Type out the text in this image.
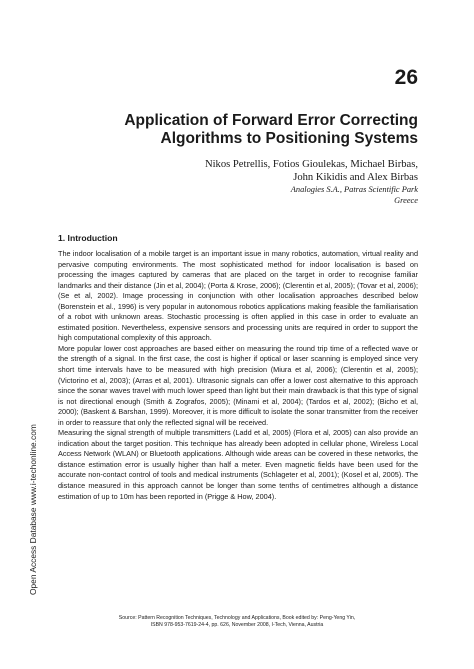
26
Application of Forward Error Correcting
Algorithms to Positioning Systems
Nikos Petrellis, Fotios Gioulekas, Michael Birbas,
John Kikidis and Alex Birbas
Analogies S.A., Patras Scientific Park
Greece
1. Introduction

The indoor localisation of a mobile target is an important issue in many robotics, automation, virtual reality and pervasive computing environments. The most sophisticated method for indoor localisation is based on processing the images captured by cameras that are placed on the target in order to recognise familiar landmarks and their distance (Jin et al, 2004); (Porta & Krose, 2006); (Clerentin et al, 2005); (Tovar et al, 2006); (Se et al, 2002). Image processing in conjunction with other localisation approaches described below (Borenstein et al., 1996) is very popular in autonomous robotics applications making feasible the familiarisation of a robot with unknown areas. Stochastic processing is often applied in this case in order to evaluate an estimated position. Nevertheless, expensive sensors and processing units are required in order to support the high computational complexity of this approach.

More popular lower cost approaches are based either on measuring the round trip time of a reflected wave or the strength of a signal. In the first case, the cost is higher if optical or laser scanning is employed since very short time intervals have to be measured with high precision (Miura et al, 2006); (Clerentin et al, 2005); (Victorino et al, 2003); (Arras et al, 2001). Ultrasonic signals can offer a lower cost alternative to this approach since the sonar waves travel with much lower speed than light but their main drawback is that this type of signal is not directional enough (Smith & Zografos, 2005); (Minami et al, 2004); (Tardos et al, 2002); (Bicho et al, 2000); (Baskent & Barshan, 1999). Moreover, it is more difficult to isolate the sonar transmitter from the receiver in order to reassure that only the reflected signal will be received.

Measuring the signal strength of multiple transmitters (Ladd et al, 2005) (Flora et al, 2005) can also provide an indication about the target position. This technique has already been adopted in cellular phone, Wireless Local Access Network (WLAN) or Bluetooth applications. Although wide areas can be covered in these networks, the distance estimation error is usually higher than half a meter. Even magnetic fields have been used for the accurate non-contact control of tools and medical instruments (Schlageter et al, 2001); (Kosel et al, 2005). The distance measured in this approach cannot be longer than some tenths of centimetres although a distance estimation of up to 10m has been reported in (Prigge & How, 2004).

Source: Pattern Recognition Techniques, Technology and Applications, Book edited by: Peng-Yeng Yin,
ISBN 978-953-7619-24-4, pp. 626, November 2008, I-Tech, Vienna, Austria
Open Access Database www.i-techonline.com
